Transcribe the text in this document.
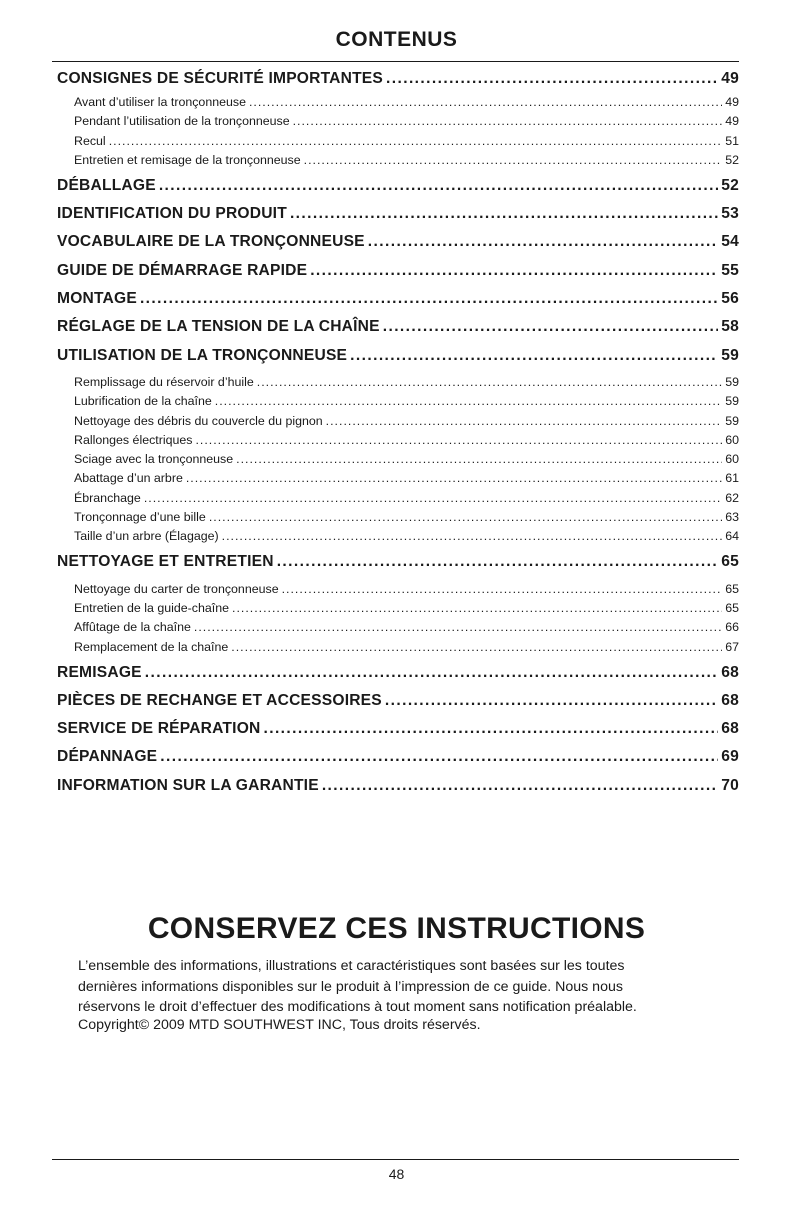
CONTENUS
CONSIGNES DE SÉCURITÉ IMPORTANTES .....	49
Avant d’utiliser la tronçonneuse .....	49
Pendant l’utilisation de la tronçonneuse .....	49
Recul .....	51
Entretien et remisage de la tronçonneuse .....	52
DÉBALLAGE .....	52
IDENTIFICATION DU PRODUIT .....	53
VOCABULAIRE DE LA TRONÇONNEUSE .....	54
GUIDE DE DÉMARRAGE RAPIDE .....	55
MONTAGE .....	56
RÉGLAGE DE LA TENSION DE LA CHAÎNE .....	58
UTILISATION DE LA TRONÇONNEUSE .....	59
Remplissage du réservoir d’huile .....	59
Lubrification de la chaîne .....	59
Nettoyage des débris du couvercle du pignon .....	59
Rallonges électriques .....	60
Sciage avec la tronçonneuse .....	60
Abattage d’un arbre .....	61
Ébranchage .....	62
Tronçonnage d’une bille .....	63
Taille d’un arbre (Élagage) .....	64
NETTOYAGE ET ENTRETIEN .....	65
Nettoyage du carter de tronçonneuse .....	65
Entretien de la guide-chaîne .....	65
Affûtage de la chaîne .....	66
Remplacement de la chaîne .....	67
REMISAGE .....	68
PIÈCES DE RECHANGE ET ACCESSOIRES .....	68
SERVICE DE RÉPARATION .....	68
DÉPANNAGE .....	69
INFORMATION SUR LA GARANTIE .....	70
CONSERVEZ CES INSTRUCTIONS
L’ensemble des informations, illustrations et caractéristiques sont basées sur les toutes
dernières informations disponibles sur le produit à l’impression de ce guide. Nous nous
réservons le droit d’effectuer des modifications à tout moment sans notification préalable.
Copyright© 2009 MTD SOUTHWEST INC, Tous droits réservés.
48
